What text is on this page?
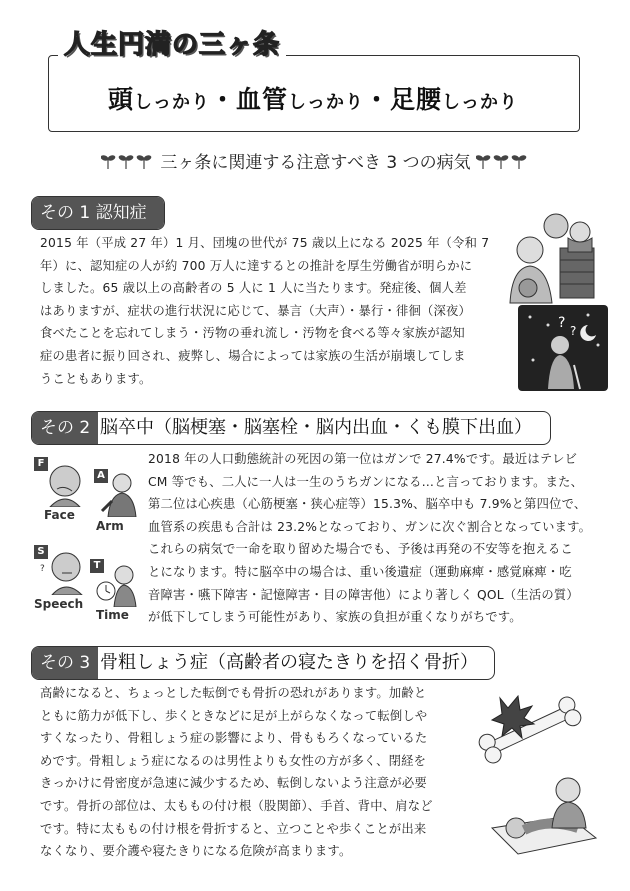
人生円満の三ヶ条
頭しっかり・血管しっかり・足腰しっかり
三ヶ条に関連する注意すべき 3 つの病気
その 1 認知症
2015 年（平成 27 年）1 月、団塊の世代が 75 歳以上になる 2025 年（令和 7
年）に、認知症の人が約 700 万人に達するとの推計を厚生労働省が明らかに
しました。65 歳以上の高齢者の 5 人に 1 人に当たります。発症後、個人差
はありますが、症状の進行状況に応じて、暴言（大声）・暴行・徘徊（深夜）
食べたことを忘れてしまう・汚物の垂れ流し・汚物を食べる等々家族が認知
症の患者に振り回され、疲弊し、場合によっては家族の生活が崩壊してしま
うこともあります。
? ?
その 2 脳卒中（脳梗塞・脳塞栓・脳内出血・くも膜下出血）
F
Face
A
Arm
S
?
Speech
T
Time
2018 年の人口動態統計の死因の第一位はガンで 27.4%です。最近はテレビ
CM 等でも、二人に一人は一生のうちガンになる…と言っております。また、
第二位は心疾患（心筋梗塞・狭心症等）15.3%、脳卒中も 7.9%と第四位で、
血管系の疾患も合計は 23.2%となっており、ガンに次ぐ割合となっています。
これらの病気で一命を取り留めた場合でも、予後は再発の不安等を抱えるこ
とになります。特に脳卒中の場合は、重い後遺症（運動麻痺・感覚麻痺・吃
音障害・嚥下障害・記憶障害・目の障害他）により著しく QOL（生活の質）
が低下してしまう可能性があり、家族の負担が重くなりがちです。
その 3 骨粗しょう症（高齢者の寝たきりを招く骨折）
高齢になると、ちょっとした転倒でも骨折の恐れがあります。加齢と
ともに筋力が低下し、歩くときなどに足が上がらなくなって転倒しや
すくなったり、骨粗しょう症の影響により、骨ももろくなっているた
めです。骨粗しょう症になるのは男性よりも女性の方が多く、閉経を
きっかけに骨密度が急速に減少するため、転倒しないよう注意が必要
です。骨折の部位は、太ももの付け根（股関節）、手首、背中、肩など
です。特に太ももの付け根を骨折すると、立つことや歩くことが出来
なくなり、要介護や寝たきりになる危険が高まります。
